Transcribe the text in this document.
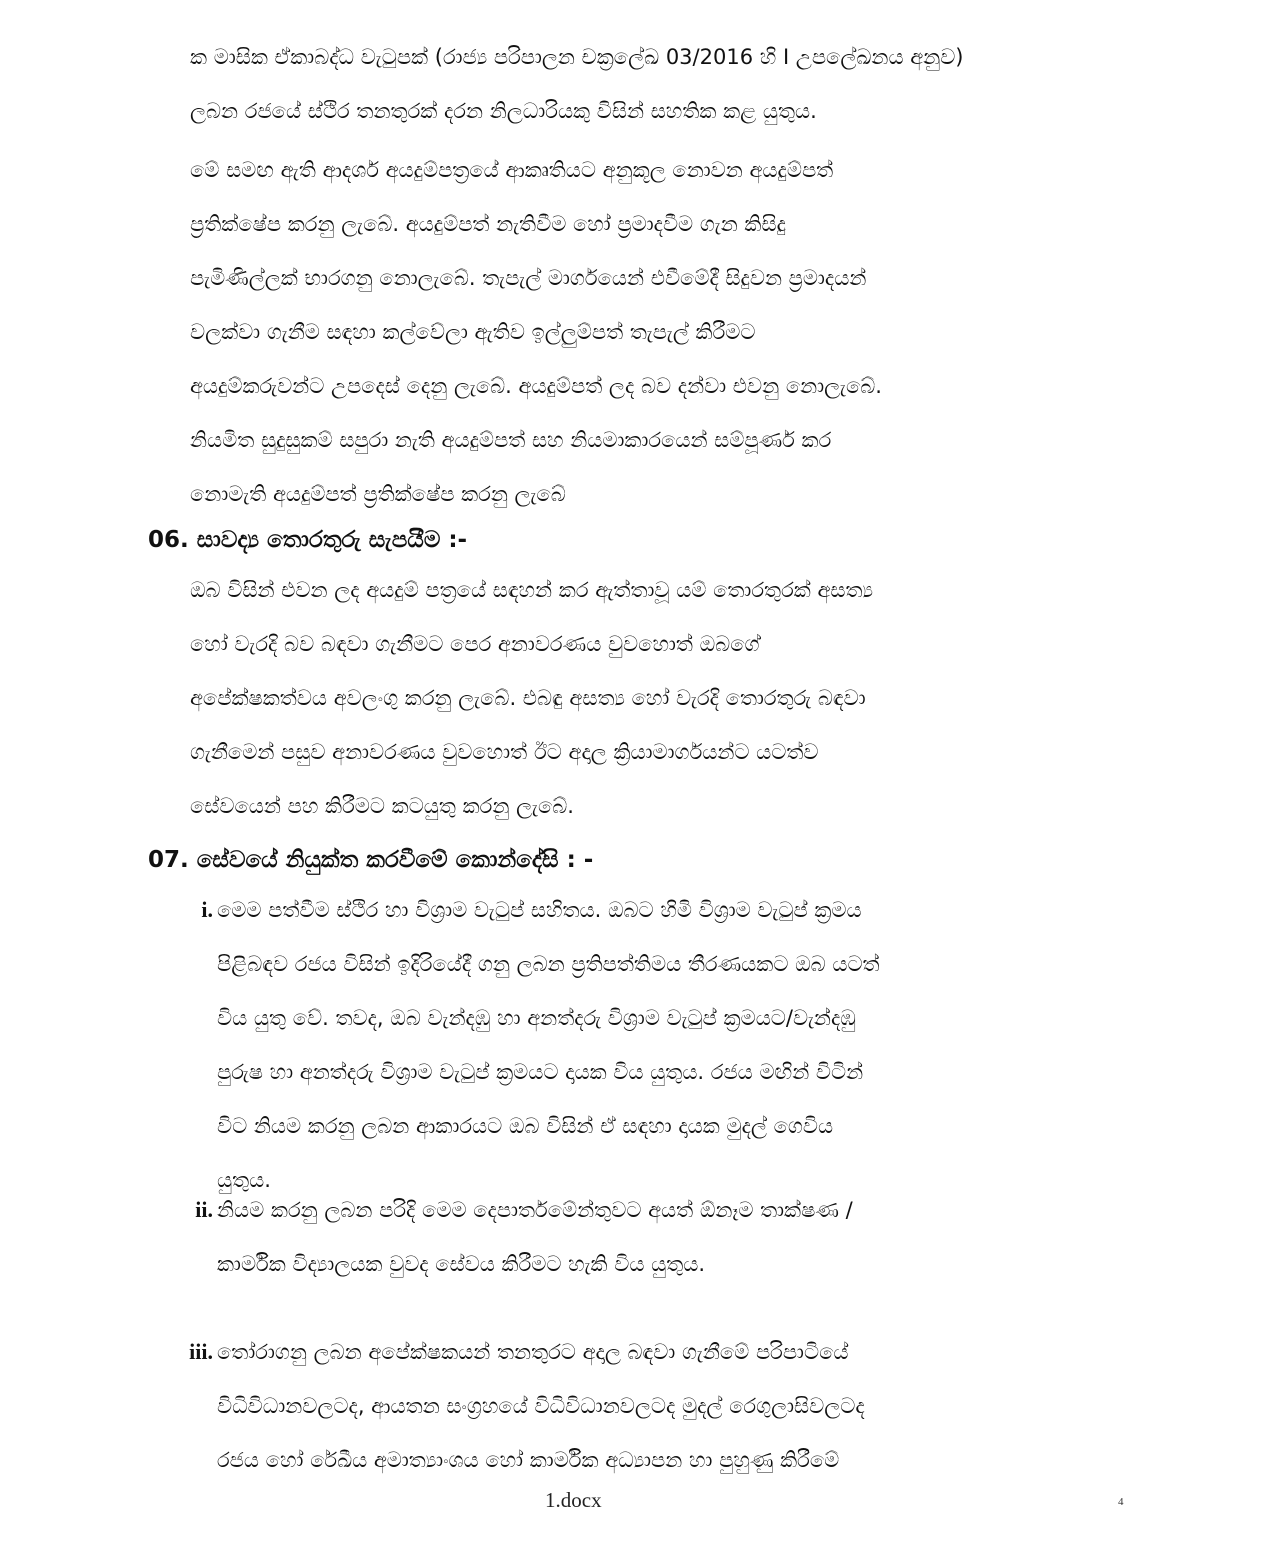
ක මාසික ඒකාබද්ධ වැටුපක් (රාජ්‍ය පරිපාලන චක්‍රලේඛ 03/2016 හි I උපලේඛනය අනුව)
ලබන රජයේ ස්ථිර තනතුරක් දරන නිලධාරියකු විසින් සහතික කළ යුතුය.
මේ සමඟ ඇති ආදර්ශ අයදුම්පත්‍රයේ ආකෘතියට අනුකූල නොවන අයදුම්පත්
ප්‍රතික්ෂේප කරනු ලැබේ. අයදුම්පත් නැතිවීම හෝ ප්‍රමාදවීම ගැන කිසිදු
පැමිණිල්ලක් භාරගනු නොලැබේ. තැපැල් මාර්ගයෙන් එවීමේදී සිදුවන ප්‍රමාදයන්
වලක්වා ගැනීම සඳහා කල්වේලා ඇතිව ඉල්ලුම්පත් තැපැල් කිරීමට
අයදුම්කරුවන්ට උපදෙස් දෙනු ලැබේ. අයදුම්පත් ලද බව දන්වා එවනු නොලැබේ.
නියමිත සුදුසුකම් සපුරා නැති අයදුම්පත් සහ නියමාකාරයෙන් සම්පූර්ණ කර
නොමැති අයදුම්පත් ප්‍රතික්ෂේප කරනු ලැබේ
06. සාවද්‍ය තොරතුරු සැපයීම :-
ඔබ විසින් එවන ලද අයදුම් පත්‍රයේ සඳහන් කර ඇත්තාවූ යම් තොරතුරක් අසත්‍ය
හෝ වැරදි බව බඳවා ගැනීමට පෙර අනාවරණය වුවහොත් ඔබගේ
අපේක්ෂකත්වය අවලංගු කරනු ලැබේ. එබඳු අසත්‍ය හෝ වැරදි තොරතුරු බඳවා
ගැනීමෙන් පසුව අනාවරණය වුවහොත් ඊට අදාල ක්‍රියාමාර්ගයන්ට යටත්ව
සේවයෙන් පහ කිරීමට කටයුතු කරනු ලැබේ.
07. සේවයේ නියුක්ත කරවීමේ කොන්දේසි : -
i. මෙම පත්වීම ස්ථිර හා විශ්‍රාම වැටුප් සහිතය. ඔබට හිමි විශ්‍රාම වැටුප් ක්‍රමය
පිළිබඳව රජය විසින් ඉදිරියේදී ගනු ලබන ප්‍රතිපත්තිමය තීරණයකට ඔබ යටත්
විය යුතු වේ. තවද, ඔබ වැන්දඹු හා අනත්දරු විශ්‍රාම වැටුප් ක්‍රමයට/වැන්දඹු
පුරුෂ හා අනත්දරු විශ්‍රාම වැටුප් ක්‍රමයට දායක විය යුතුය. රජය මඟින් විටින්
විට නියම කරනු ලබන ආකාරයට ඔබ විසින් ඒ සඳහා දායක මුදල් ගෙවිය
යුතුය.
ii. නියම කරනු ලබන පරිදි මෙම දෙපාර්තමේන්තුවට අයත් ඕනෑම තාක්ෂණ /
කාර්මික විද්‍යාලයක වුවද සේවය කිරීමට හැකි විය යුතුය.
iii. තෝරාගනු ලබන අපේක්ෂකයන් තනතුරට අදාල බඳවා ගැනීමේ පරිපාටියේ
විධිවිධානවලටද, ආයතන සංග්‍රහයේ විධිවිධානවලටද මුදල් රෙගුලාසිවලටද
රජය හෝ රේඛීය අමාත්‍යාංශය හෝ කාර්මික අධ්‍යාපන හා පුහුණු කිරීමේ
1.docx	4
